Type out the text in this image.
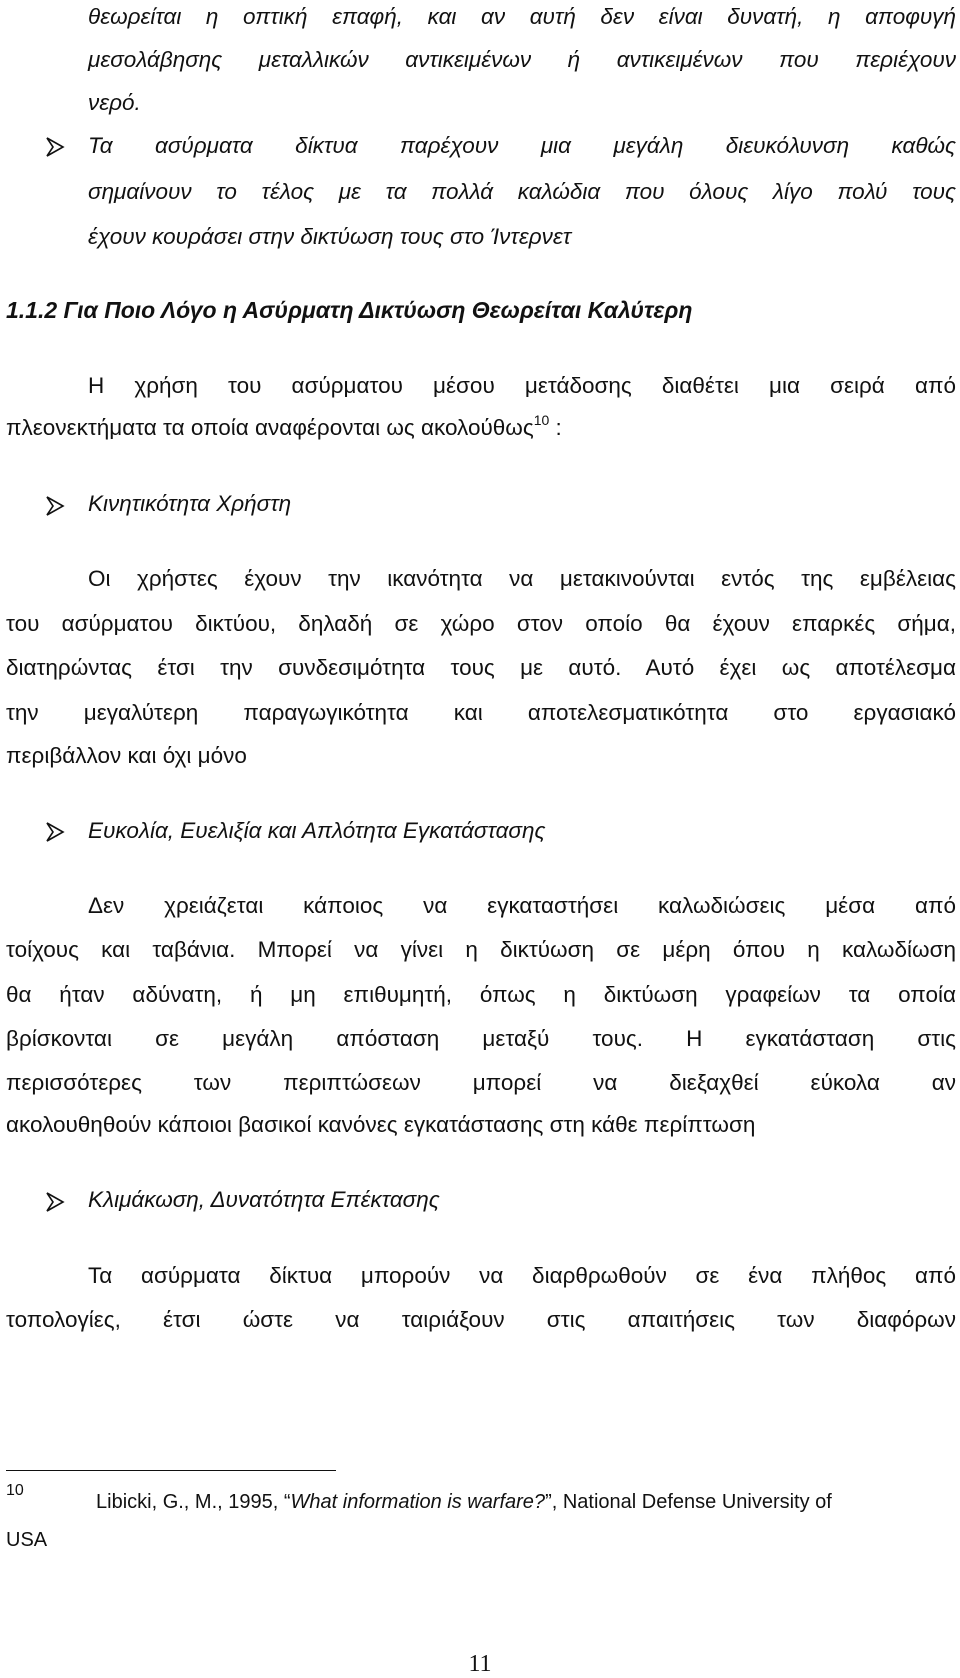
θεωρείται η οπτική επαφή, και αν αυτή δεν είναι δυνατή, η αποφυγή

μεσολάβησης μεταλλικών αντικειμένων ή αντικειμένων που περιέχουν

νερό.

Τα ασύρματα δίκτυα παρέχουν μια μεγάλη διευκόλυνση καθώς

σημαίνουν το τέλος με τα πολλά καλώδια που όλους λίγο πολύ τους

έχουν κουράσει στην δικτύωση τους στο Ίντερνετ

1.1.2 Για Ποιο Λόγο η Ασύρματη Δικτύωση Θεωρείται Καλύτερη

Η χρήση του ασύρματου μέσου μετάδοσης διαθέτει μια σειρά από

πλεονεκτήματα τα οποία αναφέρονται ως ακολούθως$^{10}$ :

Κινητικότητα Χρήστη

Οι χρήστες έχουν την ικανότητα να μετακινούνται εντός της εμβέλειας

του ασύρματου δικτύου, δηλαδή σε χώρο στον οποίο θα έχουν επαρκές σήμα,

διατηρώντας έτσι την συνδεσιμότητα τους με αυτό. Αυτό έχει ως αποτέλεσμα

την μεγαλύτερη παραγωγικότητα και αποτελεσματικότητα στο εργασιακό

περιβάλλον και όχι μόνο

Ευκολία, Ευελιξία και Απλότητα Εγκατάστασης

Δεν χρειάζεται κάποιος να εγκαταστήσει καλωδιώσεις μέσα από

τοίχους και ταβάνια. Μπορεί να γίνει η δικτύωση σε μέρη όπου η καλωδίωση

θα ήταν αδύνατη, ή μη επιθυμητή, όπως η δικτύωση γραφείων τα οποία

βρίσκονται σε μεγάλη απόσταση μεταξύ τους. Η εγκατάσταση στις

περισσότερες των περιπτώσεων μπορεί να διεξαχθεί εύκολα αν

ακολουθηθούν κάποιοι βασικοί κανόνες εγκατάστασης στη κάθε περίπτωση

Κλιμάκωση, Δυνατότητα Επέκτασης

Τα ασύρματα δίκτυα μπορούν να διαρθρωθούν σε ένα πλήθος από

τοπολογίες, έτσι ώστε να ταιριάξουν στις απαιτήσεις των διαφόρων

10

Libicki, G., M., 1995, “What information is warfare?”, National Defense University of

USA
11
